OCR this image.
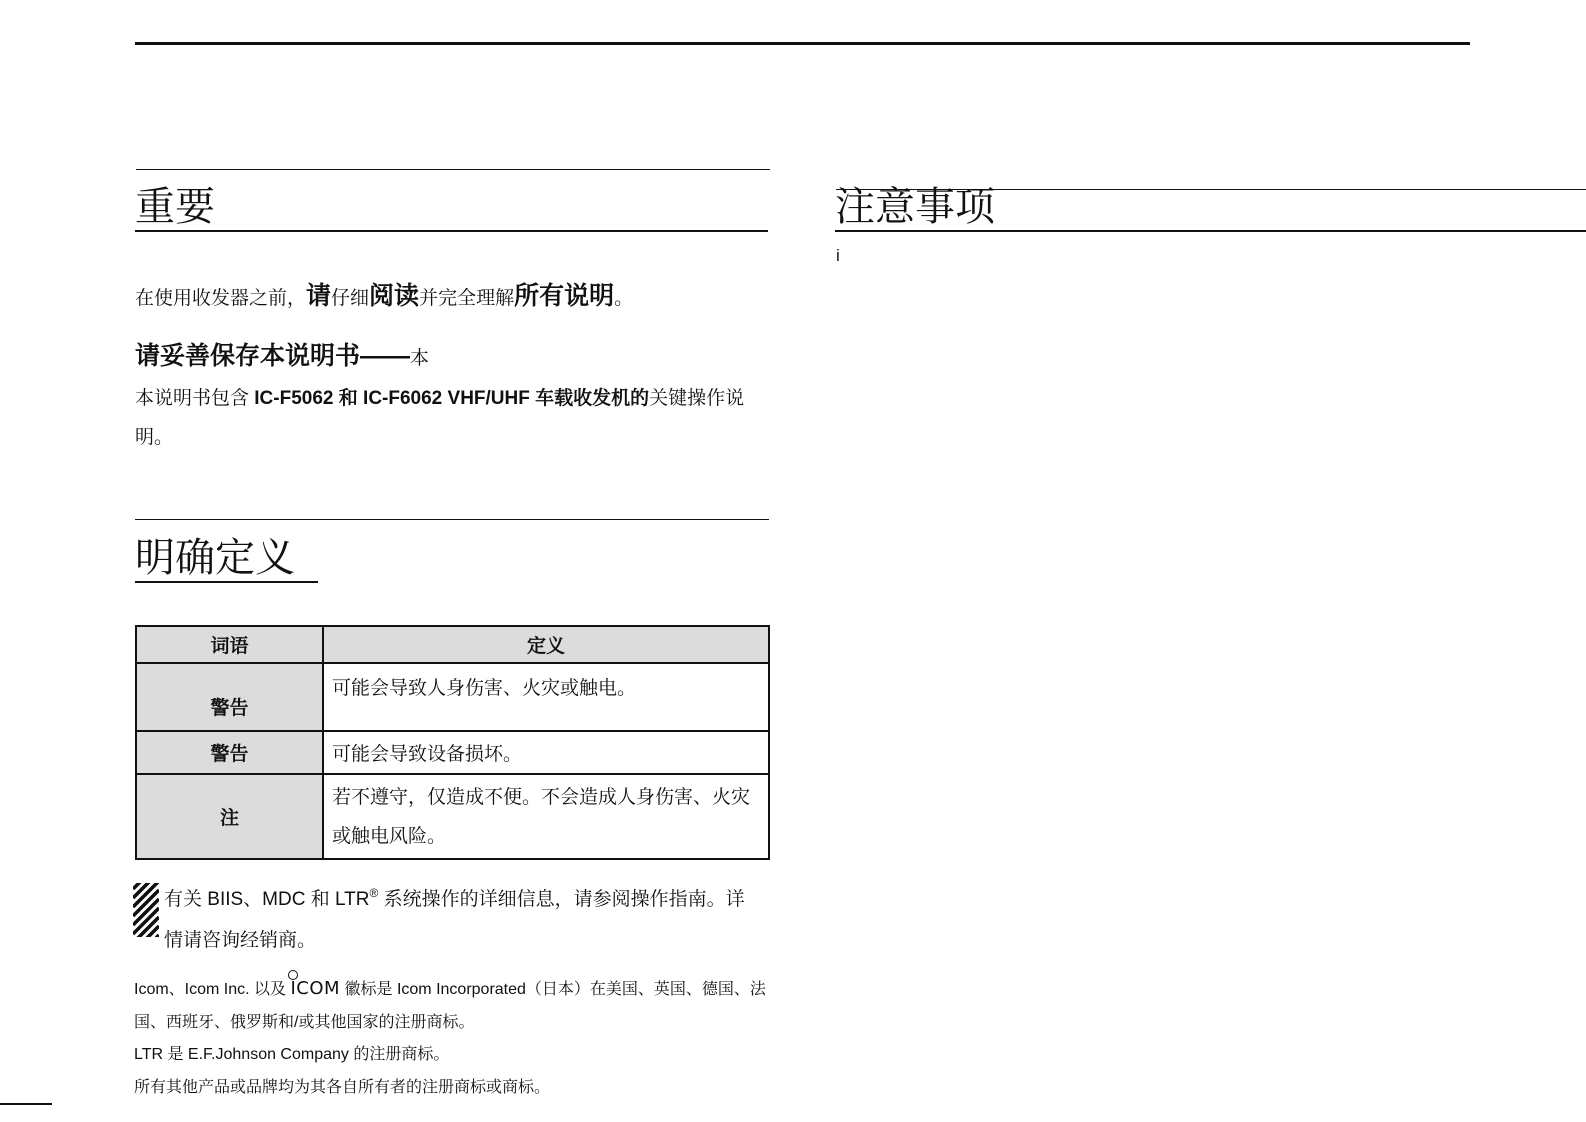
重要
在使用收发器之前，请仔细阅读并完全理解所有说明。
请妥善保存本说明书——本
本说明书包含 IC-F5062 和 IC-F6062 VHF/UHF 车载收发机的关键操作说
明。
明确定义
词语	定义
警告	可能会导致人身伤害、火灾或触电。

警告	可能会导致设备损坏。

注	若不遵守，仅造成不便。不会造成人身伤害、火灾
或触电风险。
有关 BIIS、MDC 和 LTR® 系统操作的详细信息，请参阅操作指南。详
情请咨询经销商。
Icom、Icom Inc. 以及 ICOM 徽标是 Icom Incorporated（日本）在美国、英国、德国、法
国、西班牙、俄罗斯和/或其他国家的注册商标。
LTR 是 E.F.Johnson Company 的注册商标。
所有其他产品或品牌均为其各自所有者的注册商标或商标。
注意事项
i
